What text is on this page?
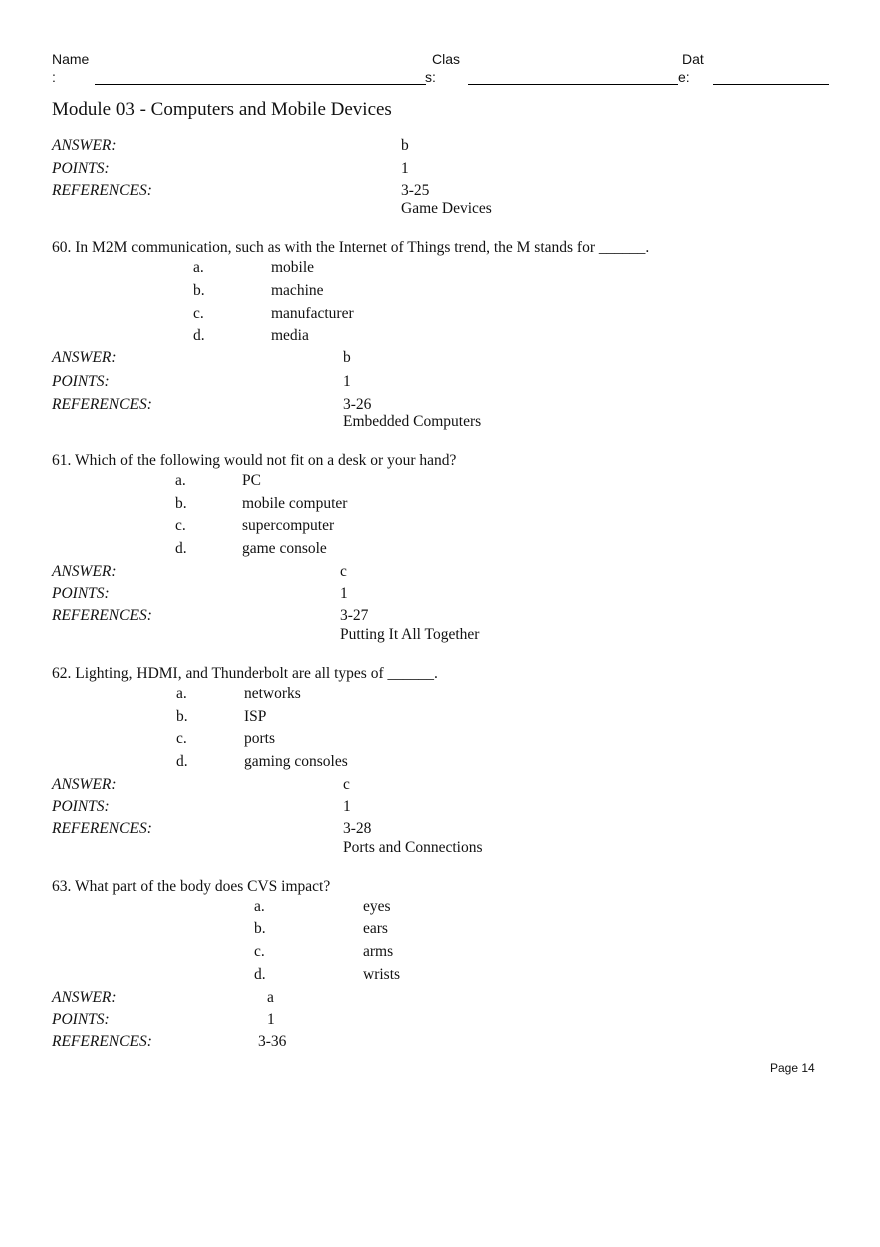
Name
:
Clas
s:
Dat
e:
Module 03 - Computers and Mobile Devices
ANSWER:	b
POINTS:	1
REFERENCES:	3-25
Game Devices
60. In M2M communication, such as with the Internet of Things trend, the M stands for ______.
a.	mobile
b.	machine
c.	manufacturer
d.	media
ANSWER:	b
POINTS:	1
REFERENCES:	3-26
Embedded Computers
61. Which of the following would not fit on a desk or your hand?
a.	PC
b.	mobile computer
c.	supercomputer
d.	game console
ANSWER:	c
POINTS:	1
REFERENCES:	3-27
Putting It All Together
62. Lighting, HDMI, and Thunderbolt are all types of ______.
a.	networks
b.	ISP
c.	ports
d.	gaming consoles
ANSWER:	c
POINTS:	1
REFERENCES:	3-28
Ports and Connections
63. What part of the body does CVS impact?
a.	eyes
b.	ears
c.	arms
d.	wrists
ANSWER:	a
POINTS:	1
REFERENCES:	3-36
Page 14
